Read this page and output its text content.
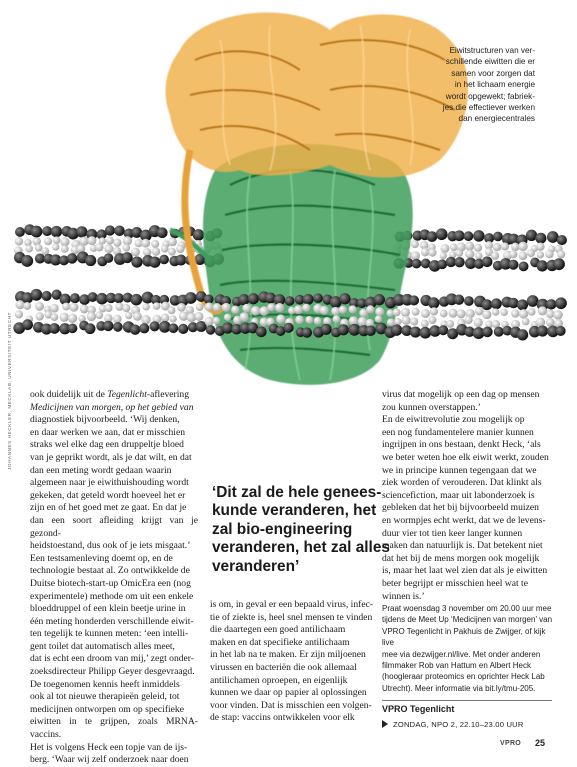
Eiwitstructuren van ver-
schillende eiwitten die er
samen voor zorgen dat
in het lichaam energie
wordt opgewekt; fabriek-
jes die effectiever werken
dan energiecentrales
JOHANNES HECKLER, MECKLAB, UNIVERSITEIT UTRECHT ook duidelijk uit de Tegenlicht-aflevering

Medicijnen van morgen, op het gebied van

diagnostiek bijvoorbeeld. ‘Wij denken,

en daar werken we aan, dat er misschien

straks wel elke dag een druppeltje bloed

van je geprikt wordt, als je dat wilt, en dat

dan een meting wordt gedaan waarin

algemeen naar je eiwithuishouding wordt

gekeken, dat geteld wordt hoeveel het er

zijn en of het goed met ze gaat. En dat je

dan een soort afleiding krijgt van je gezond-

heidstoestand, dus ook of je iets misgaat.’

Een testsamenleving doemt op, en de

technologie bestaat al. Zo ontwikkelde de

Duitse biotech-start-up OmicEra een (nog

experimentele) methode om uit een enkele

bloeddruppel of een klein beetje urine in

één meting honderden verschillende eiwit-

ten tegelijk te kunnen meten: ‘een intelli-

gent toilet dat automatisch alles meet,

dat is echt een droom van mij,’ zegt onder-

zoeksdirecteur Philipp Geyer desgevraagd.

De toegenomen kennis heeft inmiddels

ook al tot nieuwe therapieën geleid, tot

medicijnen ontworpen om op specifieke

eiwitten in te grijpen, zoals MRNA-vaccins.

Het is volgens Heck een topje van de ijs-

berg. ‘Waar wij zelf onderzoek naar doen

‘Dit zal de hele genees-
kunde veranderen, het
zal bio-engineering
veranderen, het zal alles
veranderen’

is om, in geval er een bepaald virus, infec-

tie of ziekte is, heel snel mensen te vinden

die daartegen een goed antilichaam

maken en dat specifieke antilichaam

in het lab na te maken. Er zijn miljoenen

virussen en bacteriën die ook allemaal

antilichamen oproepen, en eigenlijk

kunnen we daar op papier al oplossingen

voor vinden. Dat is misschien een volgen-

de stap: vaccins ontwikkelen voor elk

virus dat mogelijk op een dag op mensen

zou kunnen overstappen.’

En de eiwitrevolutie zou mogelijk op

een nog fundamentelere manier kunnen

ingrijpen in ons bestaan, denkt Heck, ‘als

we beter weten hoe elk eiwit werkt, zouden

we in principe kunnen tegengaan dat we

ziek worden of verouderen. Dat klinkt als

sciencefiction, maar uit labonderzoek is

gebleken dat het bij bijvoorbeeld muizen

en wormpjes echt werkt, dat we de levens-

duur vier tot tien keer langer kunnen

maken dan natuurlijk is. Dat betekent niet

dat het bij de mens morgen ook mogelijk

is, maar het laat wel zien dat als je eiwitten

beter begrijpt er misschien heel wat te

winnen is.’

Praat woensdag 3 november om 20.00 uur mee
tijdens de Meet Up ‘Medicijnen van morgen’ van
VPRO Tegenlicht in Pakhuis de Zwijger, of kijk live
mee via dezwijger.nl/live. Met onder anderen
filmmaker Rob van Hattum en Albert Heck
(hoogleraar proteomics en oprichter Heck Lab
Utrecht). Meer informatie via bit.ly/tmu-205.
VPRO Tegenlicht
ZONDAG, NPO 2, 22.10–23.00 UUR
VPRO 25
